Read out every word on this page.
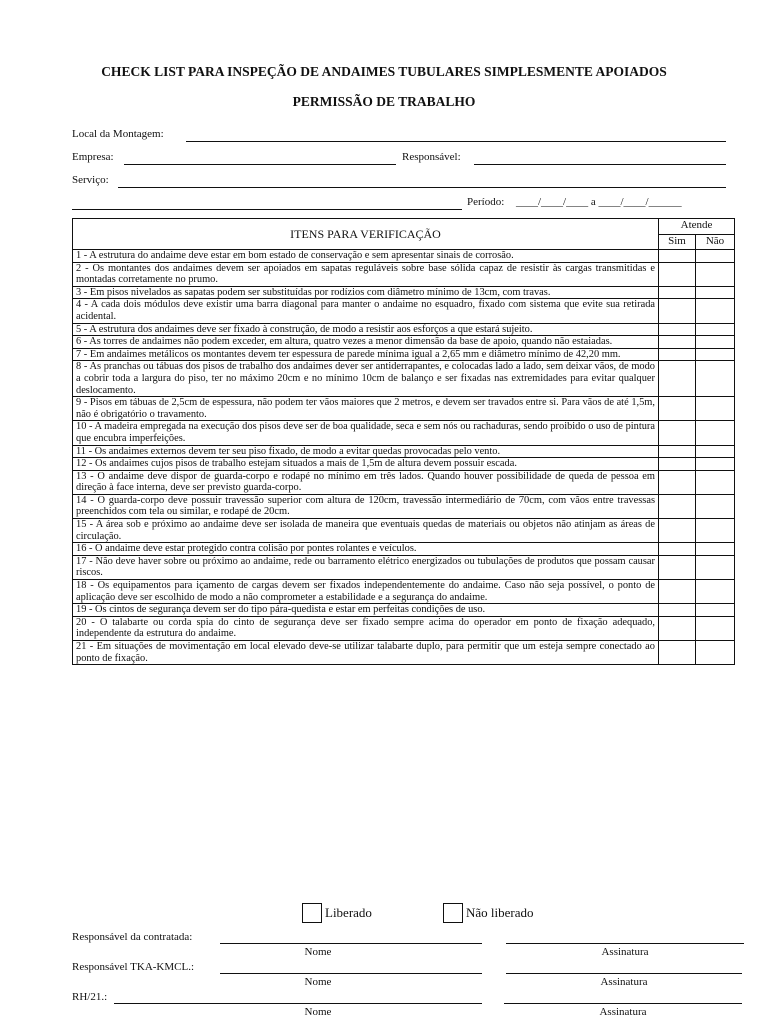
CHECK LIST PARA INSPEÇÃO DE ANDAIMES TUBULARES SIMPLESMENTE APOIADOS
PERMISSÃO DE TRABALHO
Local da Montagem:
Empresa:	Responsável:
Serviço:
Período: ____/____/____ a ____/____/______
ITENS PARA VERIFICAÇÃO	Atende	
	Sim	Não
1 - A estrutura do andaime deve estar em bom estado de conservação e sem apresentar sinais de corrosão.		
2 - Os montantes dos andaimes devem ser apoiados em sapatas reguláveis sobre base sólida capaz de resistir às cargas transmitidas e montadas corretamente no prumo.		
3 - Em pisos nivelados as sapatas podem ser substituídas por rodízios com diâmetro mínimo de 13cm, com travas.		
4 - A cada dois módulos deve existir uma barra diagonal para manter o andaime no esquadro, fixado com sistema que evite sua retirada acidental.		
5 - A estrutura dos andaimes deve ser fixado à construção, de modo a resistir aos esforços a que estará sujeito.		
6 - As torres de andaimes não podem exceder, em altura, quatro vezes a menor dimensão da base de apoio, quando não estaiadas.		
7 - Em andaimes metálicos os montantes devem ter espessura de parede mínima igual a 2,65 mm e diâmetro mínimo de 42,20 mm.		
8 - As pranchas ou tábuas dos pisos de trabalho dos andaimes dever ser antiderrapantes, e colocadas lado a lado, sem deixar vãos, de modo a cobrir toda a largura do piso, ter no máximo 20cm e no mínimo 10cm de balanço e ser fixadas nas extremidades para evitar qualquer deslocamento.		
9 - Pisos em tábuas de 2,5cm de espessura, não podem ter vãos maiores que 2 metros, e devem ser travados entre si. Para vãos de até 1,5m, não é obrigatório o travamento.		
10 - A madeira empregada na execução dos pisos deve ser de boa qualidade, seca e sem nós ou rachaduras, sendo proibido o uso de pintura que encubra imperfeições.		
11 - Os andaimes externos devem ter seu piso fixado, de modo a evitar quedas provocadas pelo vento.		
12 - Os andaimes cujos pisos de trabalho estejam situados a mais de 1,5m de altura devem possuir escada.		
13 - O andaime deve dispor de guarda-corpo e rodapé no mínimo em três lados. Quando houver possibilidade de queda de pessoa em direção à face interna, deve ser previsto guarda-corpo.		
14 - O guarda-corpo deve possuir travessão superior com altura de 120cm, travessão intermediário de 70cm, com vãos entre travessas preenchidos com tela ou similar, e rodapé de 20cm.		
15 - A área sob e próximo ao andaime deve ser isolada de maneira que eventuais quedas de materiais ou objetos não atinjam as áreas de circulação.		
16 - O andaime deve estar protegido contra colisão por pontes rolantes e veículos.		
17 - Não deve haver sobre ou próximo ao andaime, rede ou barramento elétrico energizados ou tubulações de produtos que possam causar riscos.		
18 - Os equipamentos para içamento de cargas devem ser fixados independentemente do andaime. Caso não seja possível, o ponto de aplicação deve ser escolhido de modo a não comprometer a estabilidade e a segurança do andaime.		
19 - Os cintos de segurança devem ser do tipo pára-quedista e estar em perfeitas condições de uso.		
20 - O talabarte ou corda spia do cinto de segurança deve ser fixado sempre acima do operador em ponto de fixação adequado, independente da estrutura do andaime.		
21 - Em situações de movimentação em local elevado deve-se utilizar talabarte duplo, para permitir que um esteja sempre conectado ao ponto de fixação.		
Liberado	Não liberado
Responsável da contratada:
Nome	Assinatura
Responsável TKA-KMCL.:
Nome	Assinatura
RH/21.:
Nome	Assinatura
